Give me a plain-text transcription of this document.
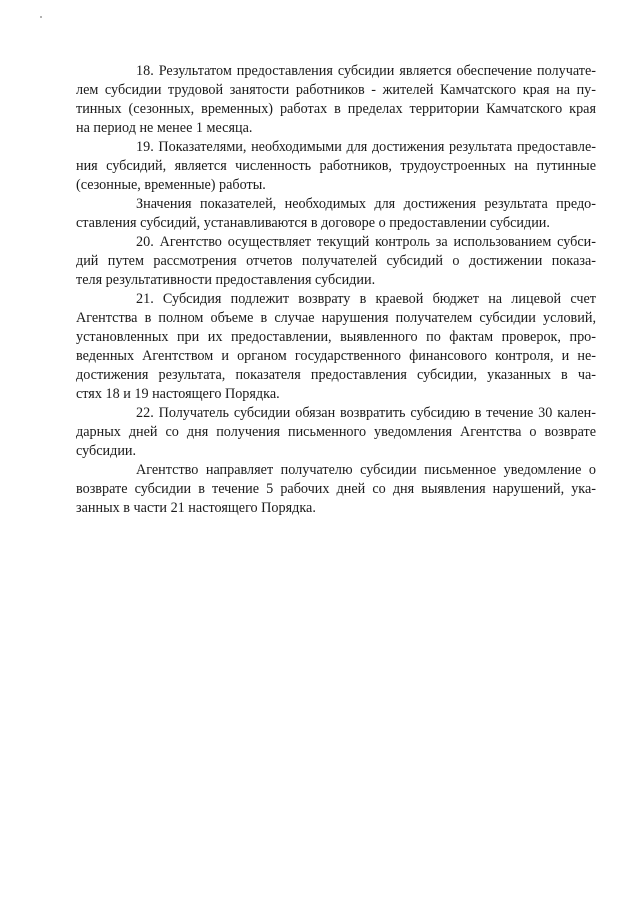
18. Результатом предоставления субсидии является обеспечение получате-
лем субсидии трудовой занятости работников - жителей Камчатского края на пу-
тинных (сезонных, временных) работах в пределах территории Камчатского края
на период не менее 1 месяца.
19. Показателями, необходимыми для достижения результата предоставле-
ния субсидий, является численность работников, трудоустроенных на путинные
(сезонные, временные) работы.
Значения показателей, необходимых для достижения результата предо-
ставления субсидий, устанавливаются в договоре о предоставлении субсидии.
20. Агентство осуществляет текущий контроль за использованием субси-
дий путем рассмотрения отчетов получателей субсидий о достижении показа-
теля результативности предоставления субсидии.
21. Субсидия подлежит возврату в краевой бюджет на лицевой счет
Агентства в полном объеме в случае нарушения получателем субсидии условий,
установленных при их предоставлении, выявленного по фактам проверок, про-
веденных Агентством и органом государственного финансового контроля, и не-
достижения результата, показателя предоставления субсидии, указанных в ча-
стях 18 и 19 настоящего Порядка.
22. Получатель субсидии обязан возвратить субсидию в течение 30 кален-
дарных дней со дня получения письменного уведомления Агентства о возврате
субсидии.
Агентство направляет получателю субсидии письменное уведомление о
возврате субсидии в течение 5 рабочих дней со дня выявления нарушений, ука-
занных в части 21 настоящего Порядка.
